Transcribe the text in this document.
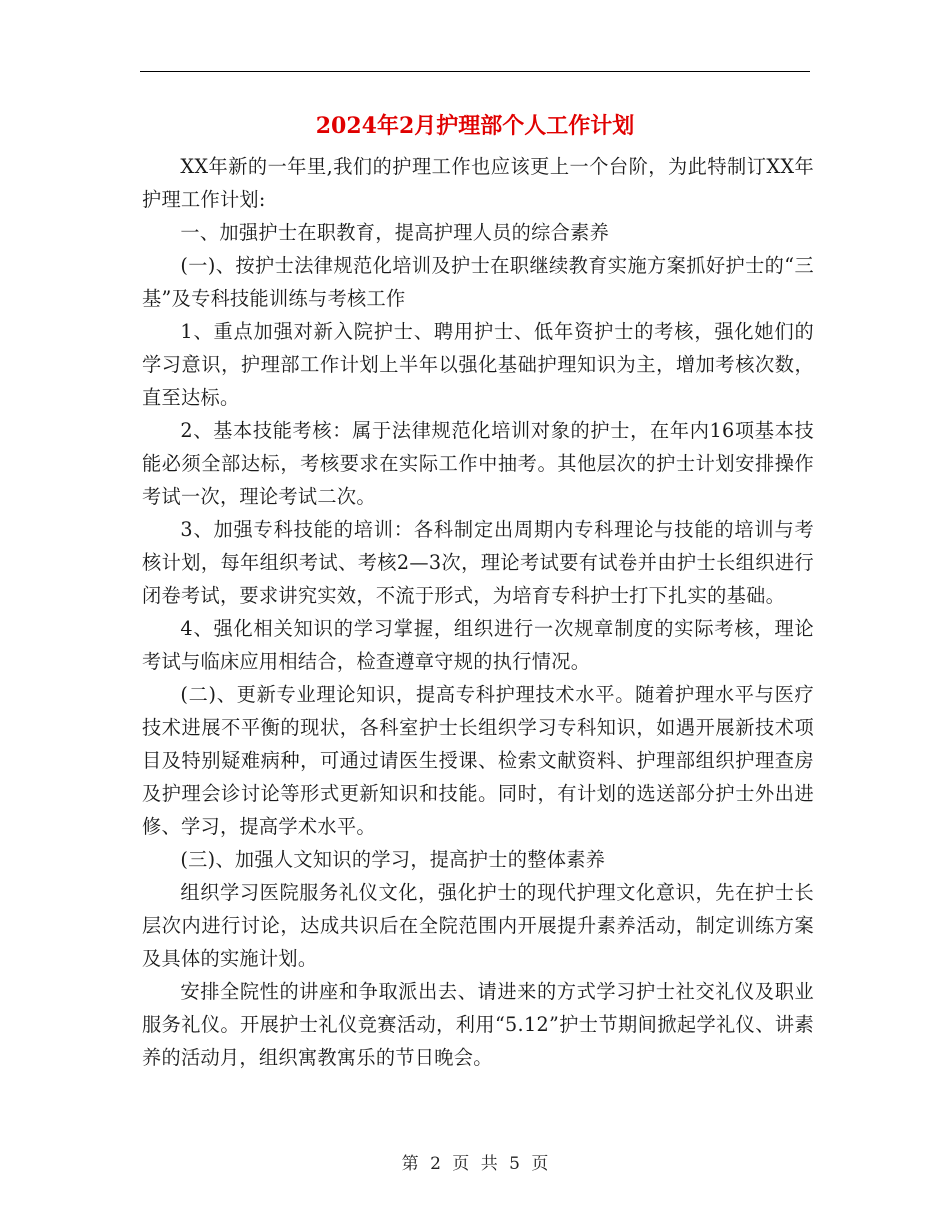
2024年2月护理部个人工作计划

XX年新的一年里,我们的护理工作也应该更上一个台阶，为此特制订XX年护理工作计划:

一、加强护士在职教育，提高护理人员的综合素养

(一)、按护士法律规范化培训及护士在职继续教育实施方案抓好护士的“三基”及专科技能训练与考核工作

1、重点加强对新入院护士、聘用护士、低年资护士的考核，强化她们的学习意识，护理部工作计划上半年以强化基础护理知识为主，增加考核次数，直至达标。

2、基本技能考核：属于法律规范化培训对象的护士，在年内16项基本技能必须全部达标，考核要求在实际工作中抽考。其他层次的护士计划安排操作考试一次，理论考试二次。

3、加强专科技能的培训：各科制定出周期内专科理论与技能的培训与考核计划，每年组织考试、考核2—3次，理论考试要有试卷并由护士长组织进行闭卷考试，要求讲究实效，不流于形式，为培育专科护士打下扎实的基础。

4、强化相关知识的学习掌握，组织进行一次规章制度的实际考核，理论考试与临床应用相结合，检查遵章守规的执行情况。

(二)、更新专业理论知识，提高专科护理技术水平。随着护理水平与医疗技术进展不平衡的现状，各科室护士长组织学习专科知识，如遇开展新技术项目及特别疑难病种，可通过请医生授课、检索文献资料、护理部组织护理查房及护理会诊讨论等形式更新知识和技能。同时，有计划的选送部分护士外出进修、学习，提高学术水平。

(三)、加强人文知识的学习，提高护士的整体素养

组织学习医院服务礼仪文化，强化护士的现代护理文化意识，先在护士长层次内进行讨论，达成共识后在全院范围内开展提升素养活动，制定训练方案及具体的实施计划。

安排全院性的讲座和争取派出去、请进来的方式学习护士社交礼仪及职业服务礼仪。开展护士礼仪竞赛活动，利用“5.12”护士节期间掀起学礼仪、讲素养的活动月，组织寓教寓乐的节日晚会。

第 2 页 共 5 页
